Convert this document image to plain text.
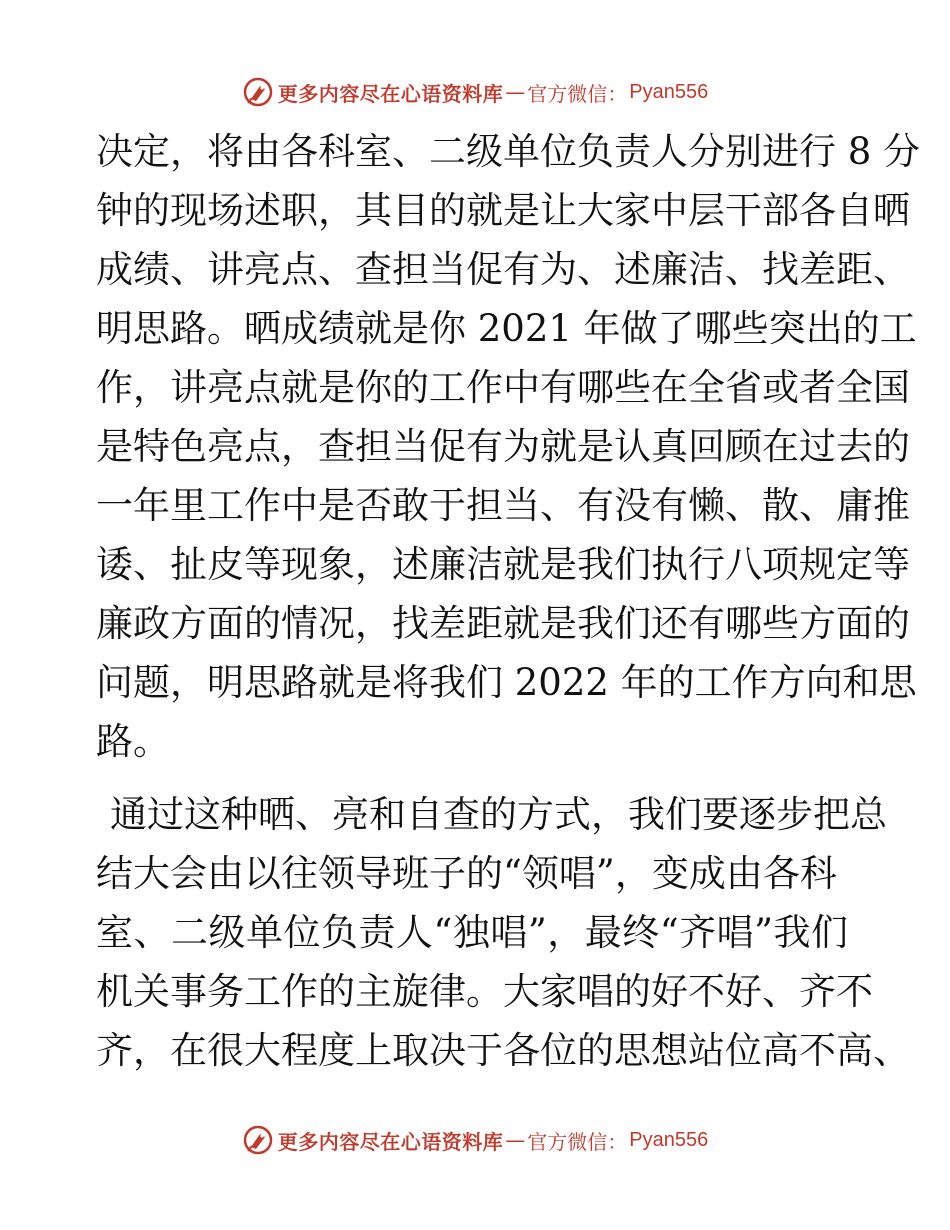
更多内容尽在心语资料库 — 官方微信： Pyan556
决定，将由各科室、二级单位负责人分别进行 8 分
钟的现场述职，其目的就是让大家中层干部各自晒
成绩、讲亮点、查担当促有为、述廉洁、找差距、
明思路。晒成绩就是你 2021 年做了哪些突出的工
作，讲亮点就是你的工作中有哪些在全省或者全国
是特色亮点，查担当促有为就是认真回顾在过去的
一年里工作中是否敢于担当、有没有懒、散、庸推
诿、扯皮等现象，述廉洁就是我们执行八项规定等
廉政方面的情况，找差距就是我们还有哪些方面的
问题，明思路就是将我们 2022 年的工作方向和思
路。
通过这种晒、亮和自查的方式，我们要逐步把总
结大会由以往领导班子的“领唱”，变成由各科
室、二级单位负责人“独唱”，最终“齐唱”我们
机关事务工作的主旋律。大家唱的好不好、齐不
齐，在很大程度上取决于各位的思想站位高不高、
更多内容尽在心语资料库 — 官方微信： Pyan556
